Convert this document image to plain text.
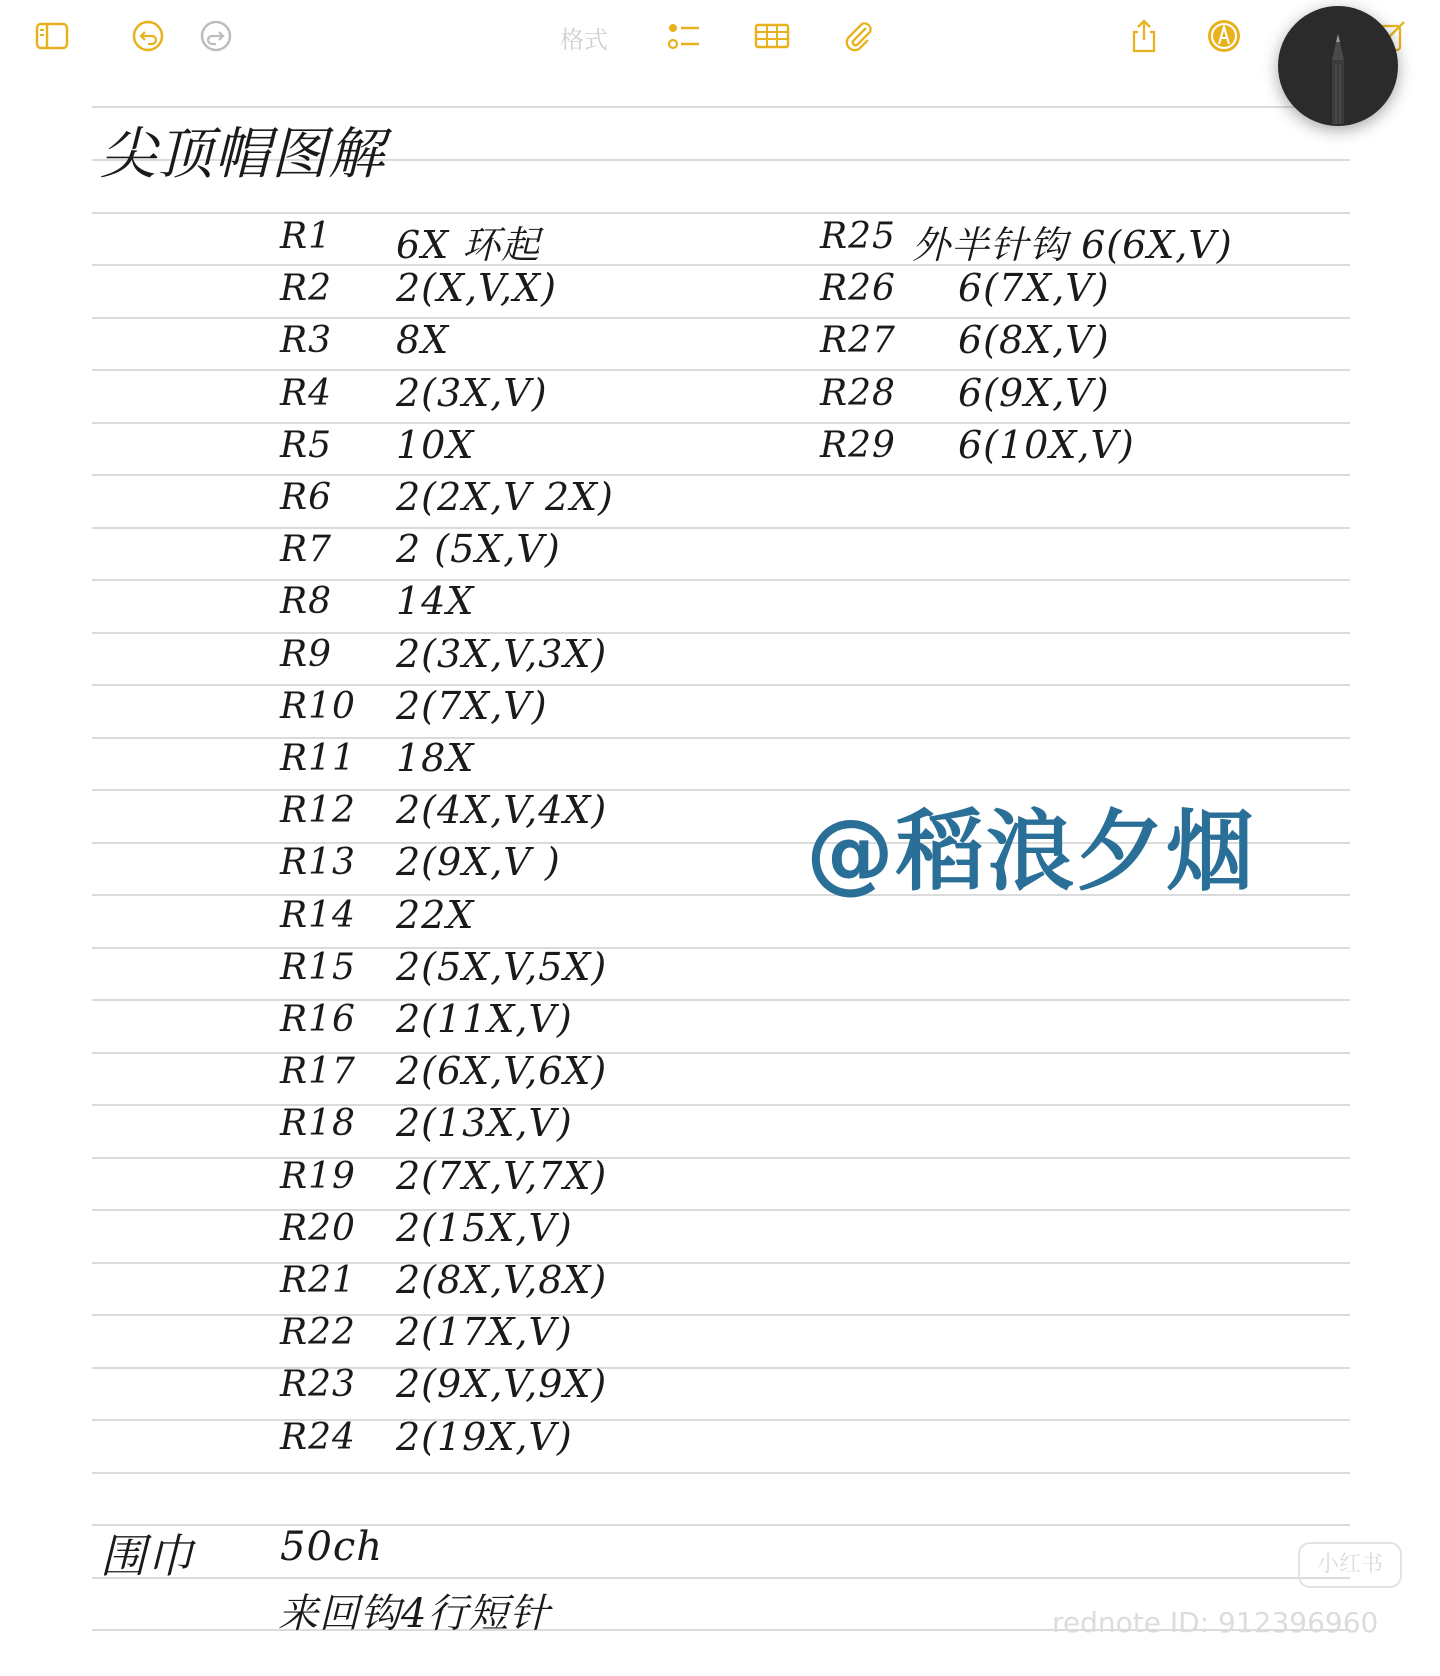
格式
尖顶帽图解
R1 6X 环起
R2 2(X,V,X)
R3 8X
R4 2(3X,V)
R5 10X
R6 2(2X,V 2X)
R7 2 (5X,V)
R8 14X
R9 2(3X,V,3X)
R10 2(7X,V)
R11 18X
R12 2(4X,V,4X)
R13 2(9X,V )
R14 22X
R15 2(5X,V,5X)
R16 2(11X,V)
R17 2(6X,V,6X)
R18 2(13X,V)
R19 2(7X,V,7X)
R20 2(15X,V)
R21 2(8X,V,8X)
R22 2(17X,V)
R23 2(9X,V,9X)
R24 2(19X,V)
R25 外半针钩 6(6X,V)
R26 6(7X,V)
R27 6(8X,V)
R28 6(9X,V)
R29 6(10X,V)
围巾 50ch
来回钩4行短针
@稻浪夕烟
小红书
rednote ID: 912396960
